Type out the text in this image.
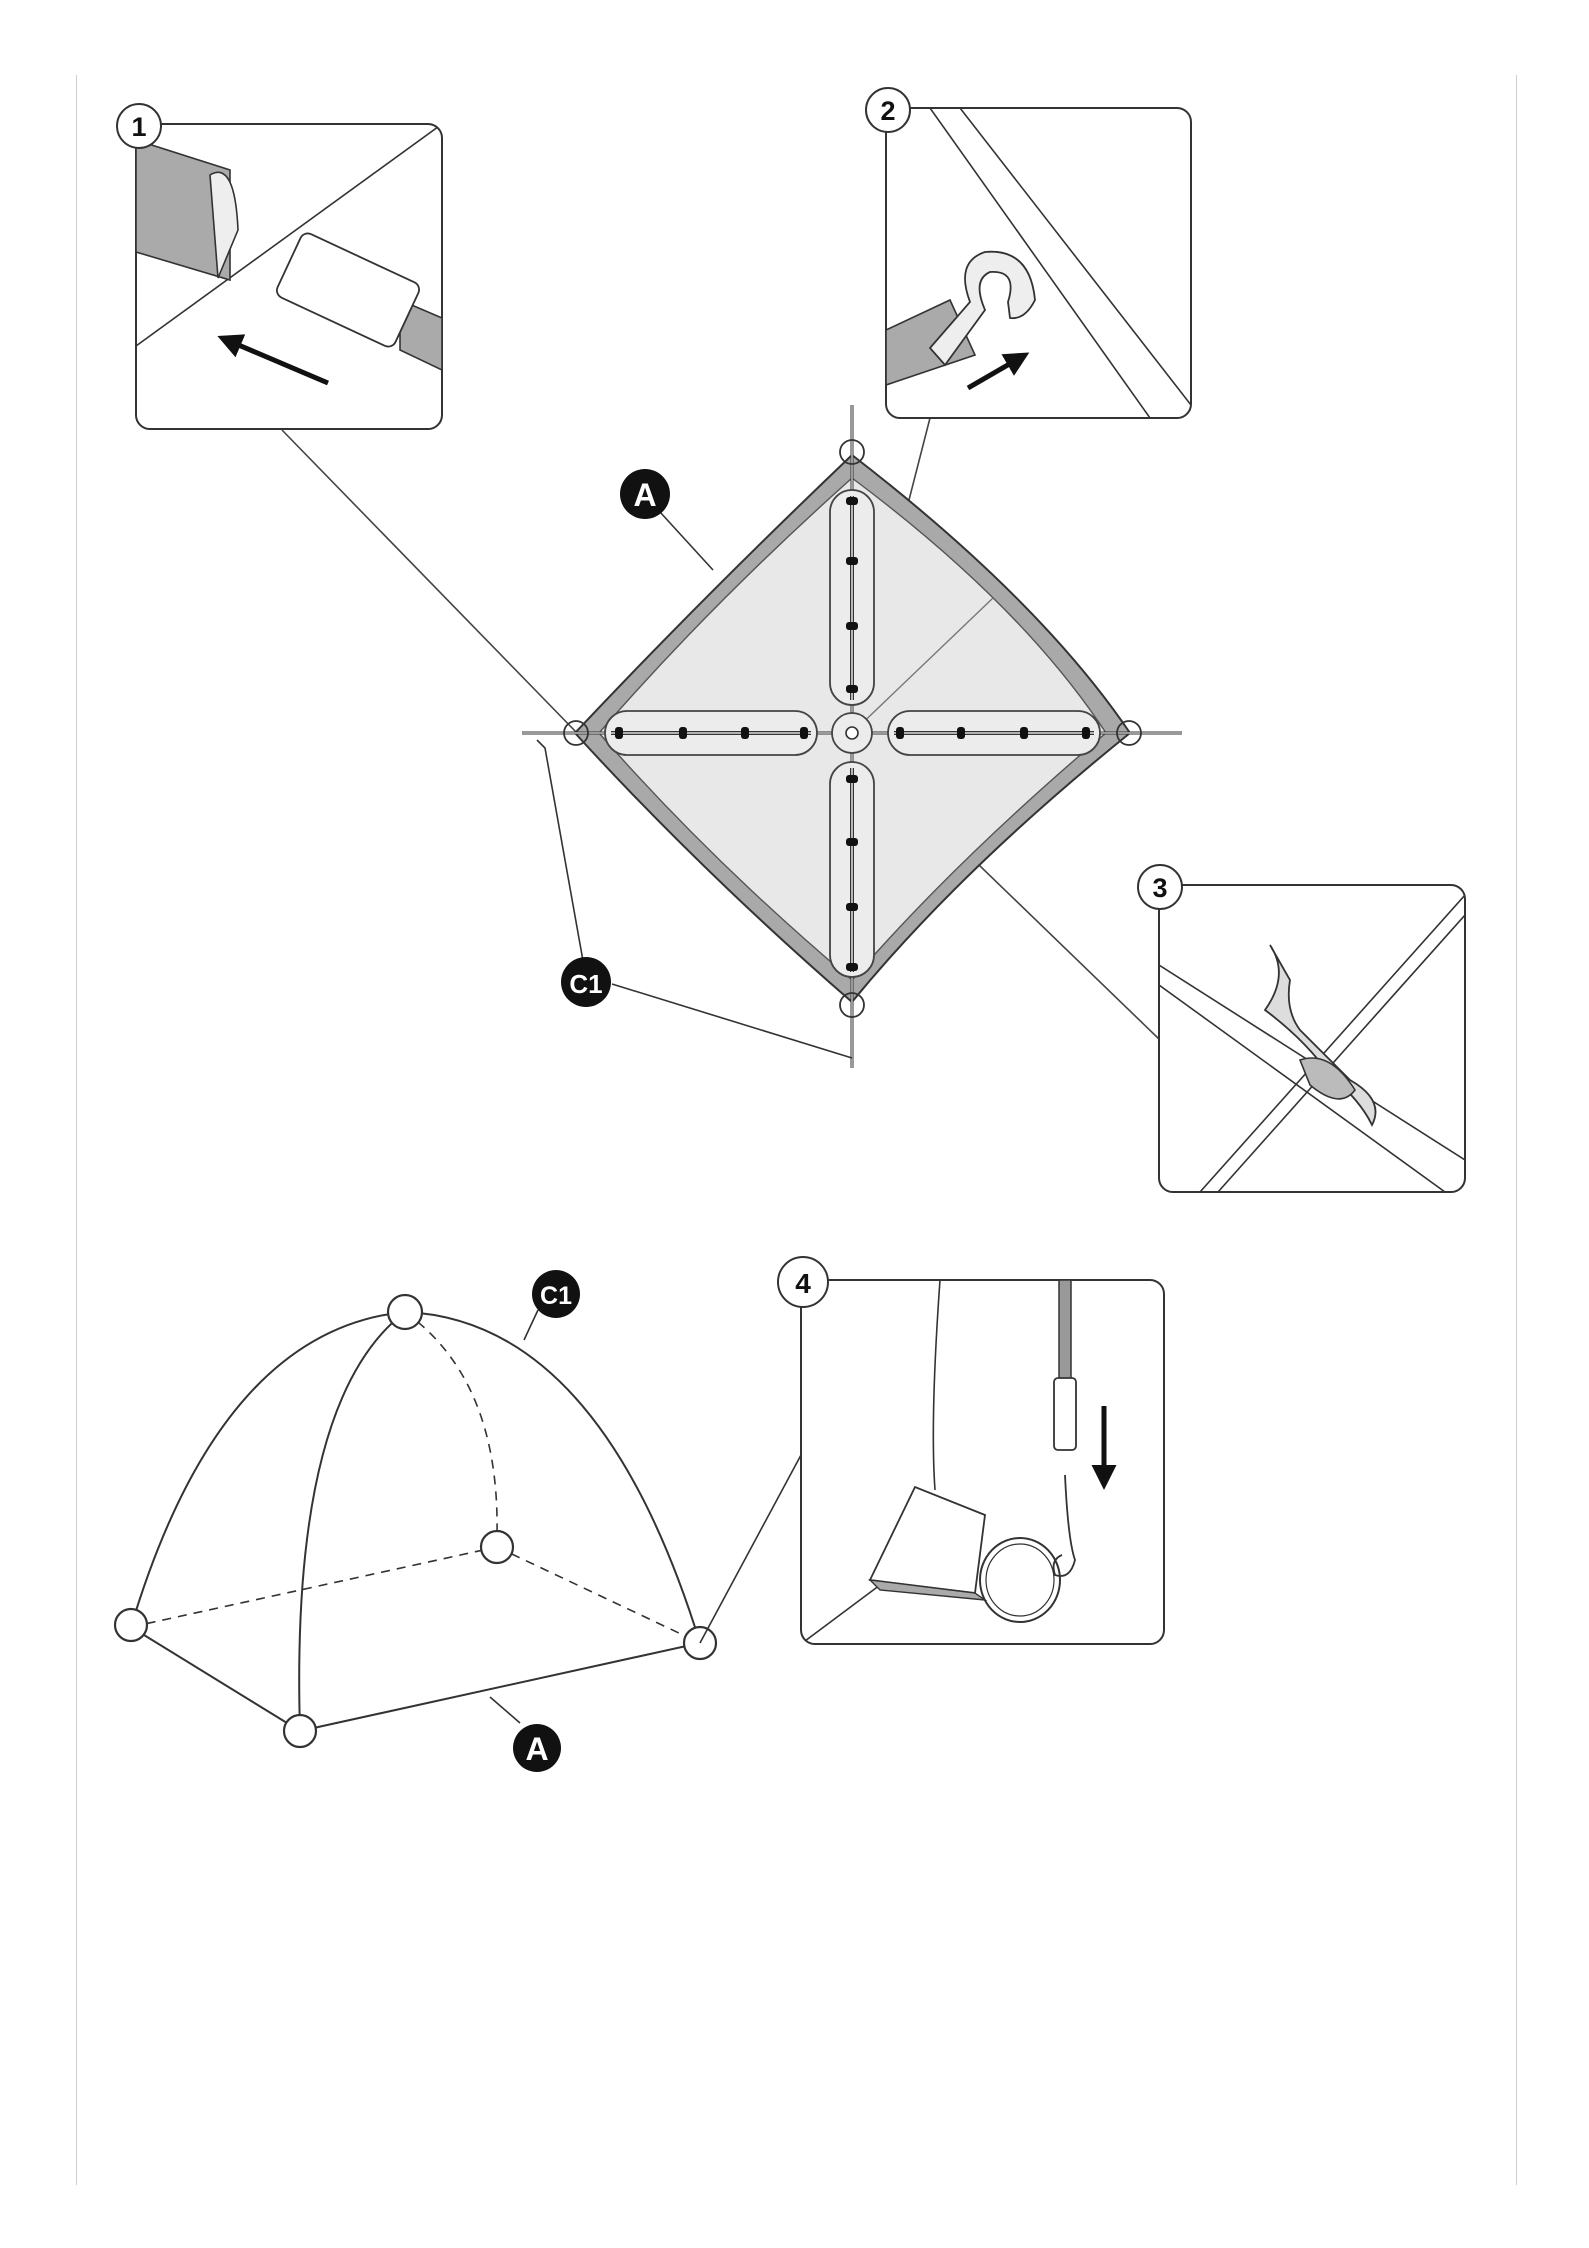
A
C1
1
2
3
C1
A
4
